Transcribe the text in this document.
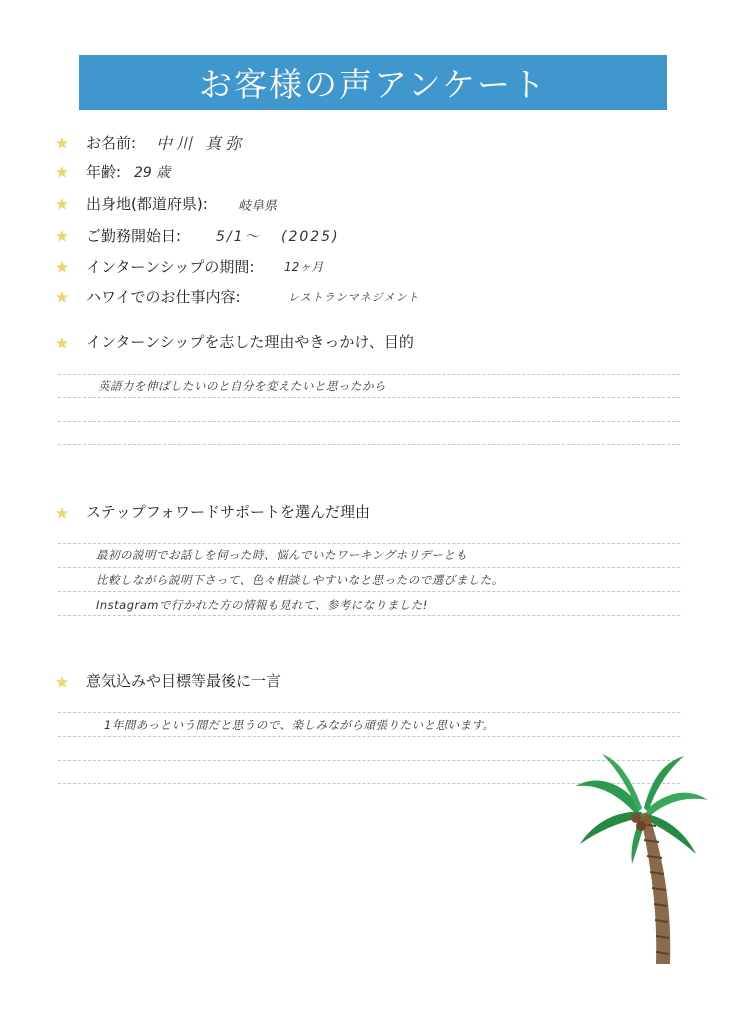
お客様の声アンケート
お名前: 中川 真弥
年齢: 29 歳
出身地(都道府県): 岐阜県
ご勤務開始日: 5/1〜 (2025)
インターンシップの期間: 12ヶ月
ハワイでのお仕事内容:	レストランマネジメント
インターンシップを志した理由やきっかけ、目的
英語力を伸ばしたいのと自分を変えたいと思ったから
ステップフォワードサポートを選んだ理由
最初の説明でお話しを伺った時、悩んでいたワーキングホリデーとも
比較しながら説明下さって、色々相談しやすいなと思ったので選びました。
Instagramで行かれた方の情報も見れて、参考になりました!
意気込みや目標等最後に一言
1年間あっという間だと思うので、楽しみながら頑張りたいと思います。
